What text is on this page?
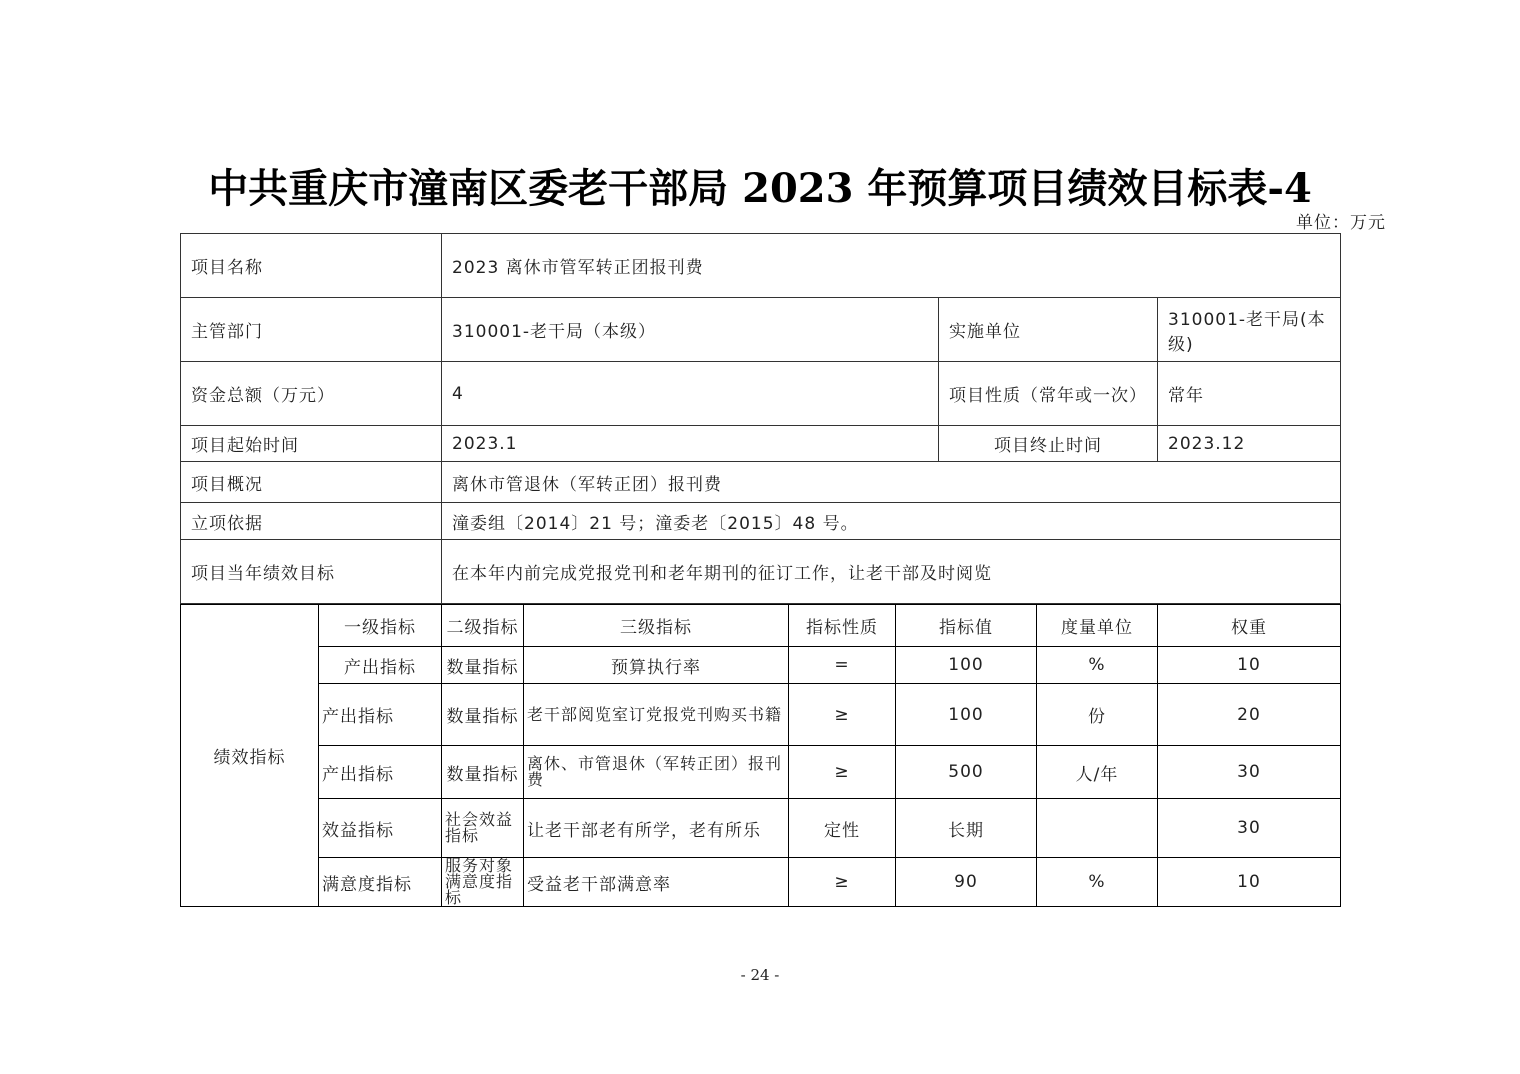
中共重庆市潼南区委老干部局 2023 年预算项目绩效目标表-4
单位：万元
项目名称	2023 离休市管军转正团报刊费		
主管部门	310001-老干局（本级）	实施单位	310001-老干局(本级)
资金总额（万元）	4	项目性质（常年或一次）	常年
项目起始时间	2023.1	项目终止时间	2023.12
项目概况	离休市管退休（军转正团）报刊费		
立项依据	潼委组〔2014〕21 号；潼委老〔2015〕48 号。		
项目当年绩效目标	在本年内前完成党报党刊和老年期刊的征订工作，让老干部及时阅览		
绩效指标	一级指标	二级指标	三级指标	指标性质	指标值	度量单位	权重
	产出指标	数量指标	预算执行率	=	100	%	10
	产出指标	数量指标	老干部阅览室订党报党刊购买书籍	≥	100	份	20
	产出指标	数量指标	离休、市管退休（军转正团）报刊费	≥	500	人/年	30
	效益指标	社会效益指标	让老干部老有所学，老有所乐	定性	长期		30
	满意度指标	服务对象满意度指标	受益老干部满意率	≥	90	%	10
- 24 -
